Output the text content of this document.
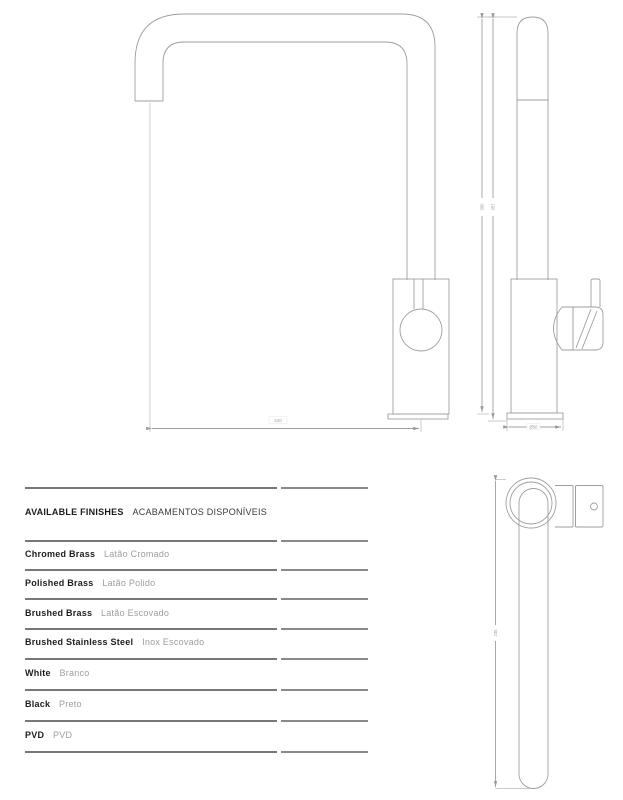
220
Ø50
380 357
230
AVAILABLE FINISHES ACABAMENTOS DISPONÍVEIS
Chromed Brass Latão Cromado
Polished Brass Latão Polido
Brushed Brass Latão Escovado
Brushed Stainless Steel Inox Escovado
White Branco
Black Preto
PVD PVD
